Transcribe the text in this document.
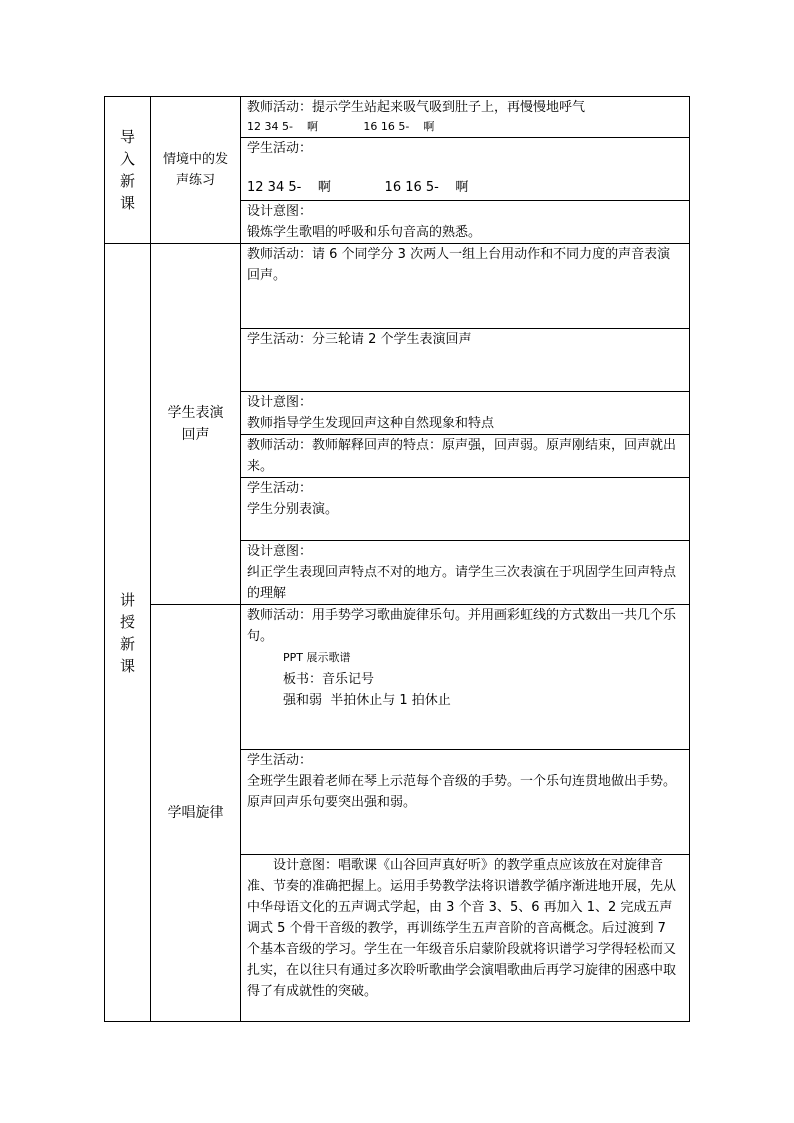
导
入
新
课	情境中的发声练习	教师活动：提示学生站起来吸气吸到肚子上，再慢慢地呼气
12 34 5-    啊             16 16 5-    啊

		学生活动：
12 34 5-    啊             16 16 5-    啊

		设计意图：
锻炼学生歌唱的呼吸和乐句音高的熟悉。

讲
授
新
课	学生表演回声	教师活动：请 6 个同学分 3 次两人一组上台用动作和不同力度的声音表演回声。

		学生活动：分三轮请 2 个学生表演回声

		设计意图：
教师指导学生发现回声这种自然现象和特点

		教师活动：教师解释回声的特点：原声强，回声弱。原声刚结束，回声就出来。

		学生活动：
学生分别表演。

		设计意图：
纠正学生表现回声特点不对的地方。请学生三次表演在于巩固学生回声特点的理解

	学唱旋律	教师活动：用手势学习歌曲旋律乐句。并用画彩虹线的方式数出一共几个乐句。
PPT 展示歌谱
板书：音乐记号
强和弱  半拍休止与 1 拍休止

		学生活动：
全班学生跟着老师在琴上示范每个音级的手势。一个乐句连贯地做出手势。原声回声乐句要突出强和弱。

		设计意图：唱歌课《山谷回声真好听》的教学重点应该放在对旋律音准、节奏的准确把握上。运用手势教学法将识谱教学循序渐进地开展，先从中华母语文化的五声调式学起，由 3 个音 3、5、6 再加入 1、2 完成五声调式 5 个骨干音级的教学，再训练学生五声音阶的音高概念。后过渡到 7 个基本音级的学习。学生在一年级音乐启蒙阶段就将识谱学习学得轻松而又扎实，在以往只有通过多次聆听歌曲学会演唱歌曲后再学习旋律的困惑中取得了有成就性的突破。
